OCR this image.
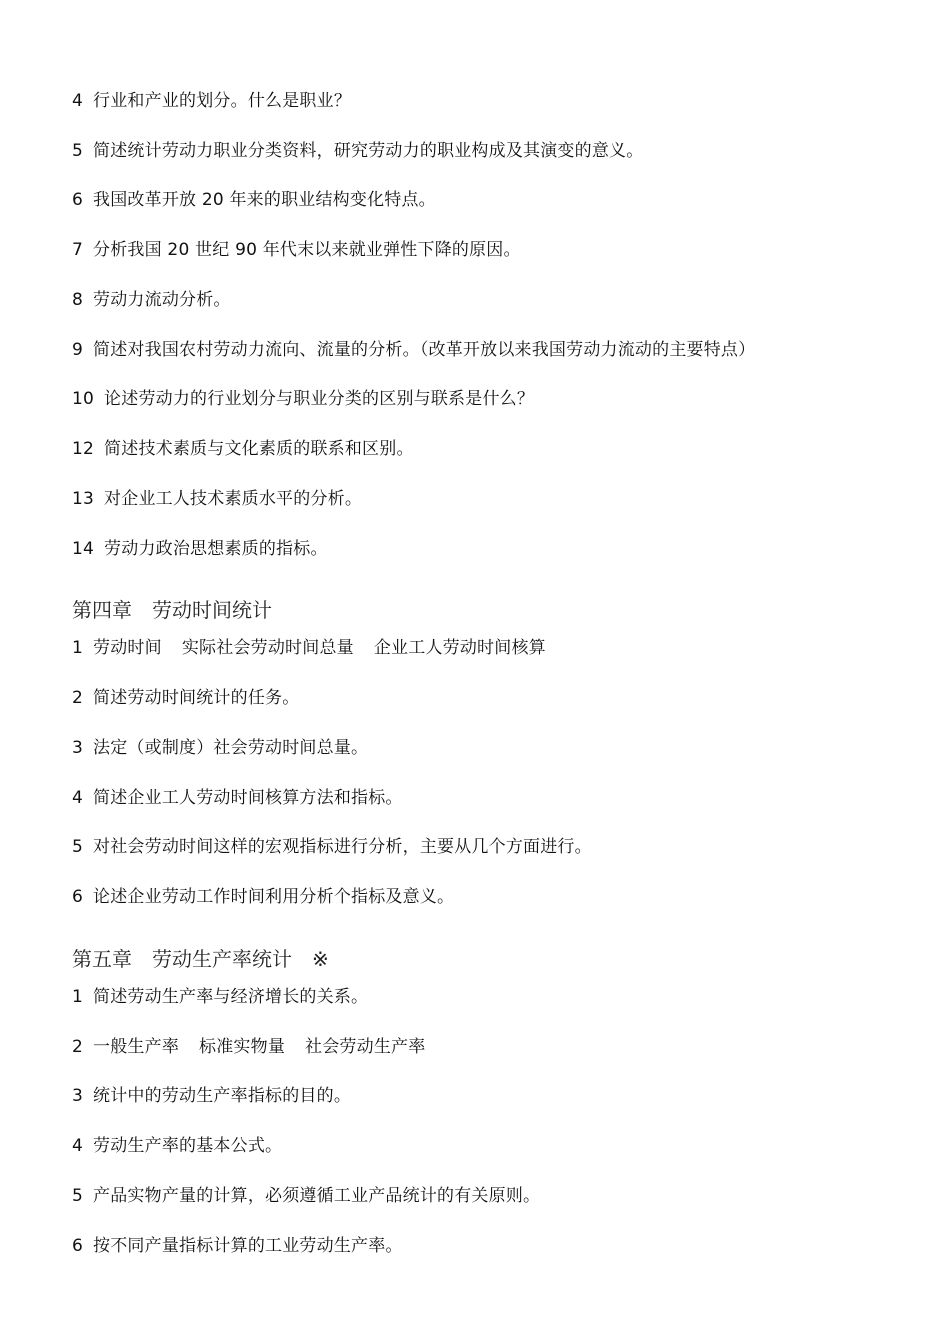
4 行业和产业的划分。什么是职业？
5 简述统计劳动力职业分类资料，研究劳动力的职业构成及其演变的意义。
6 我国改革开放 20 年来的职业结构变化特点。
7 分析我国 20 世纪 90 年代末以来就业弹性下降的原因。
8 劳动力流动分析。
9 简述对我国农村劳动力流向、流量的分析。（改革开放以来我国劳动力流动的主要特点）
10 论述劳动力的行业划分与职业分类的区别与联系是什么？
12 简述技术素质与文化素质的联系和区别。
13 对企业工人技术素质水平的分析。
14 劳动力政治思想素质的指标。
第四章 劳动时间统计
1 劳动时间 实际社会劳动时间总量 企业工人劳动时间核算
2 简述劳动时间统计的任务。
3 法定（或制度）社会劳动时间总量。
4 简述企业工人劳动时间核算方法和指标。
5 对社会劳动时间这样的宏观指标进行分析，主要从几个方面进行。
6 论述企业劳动工作时间利用分析个指标及意义。
第五章 劳动生产率统计 ※
1 简述劳动生产率与经济增长的关系。
2 一般生产率 标准实物量 社会劳动生产率
3 统计中的劳动生产率指标的目的。
4 劳动生产率的基本公式。
5 产品实物产量的计算，必须遵循工业产品统计的有关原则。
6 按不同产量指标计算的工业劳动生产率。
